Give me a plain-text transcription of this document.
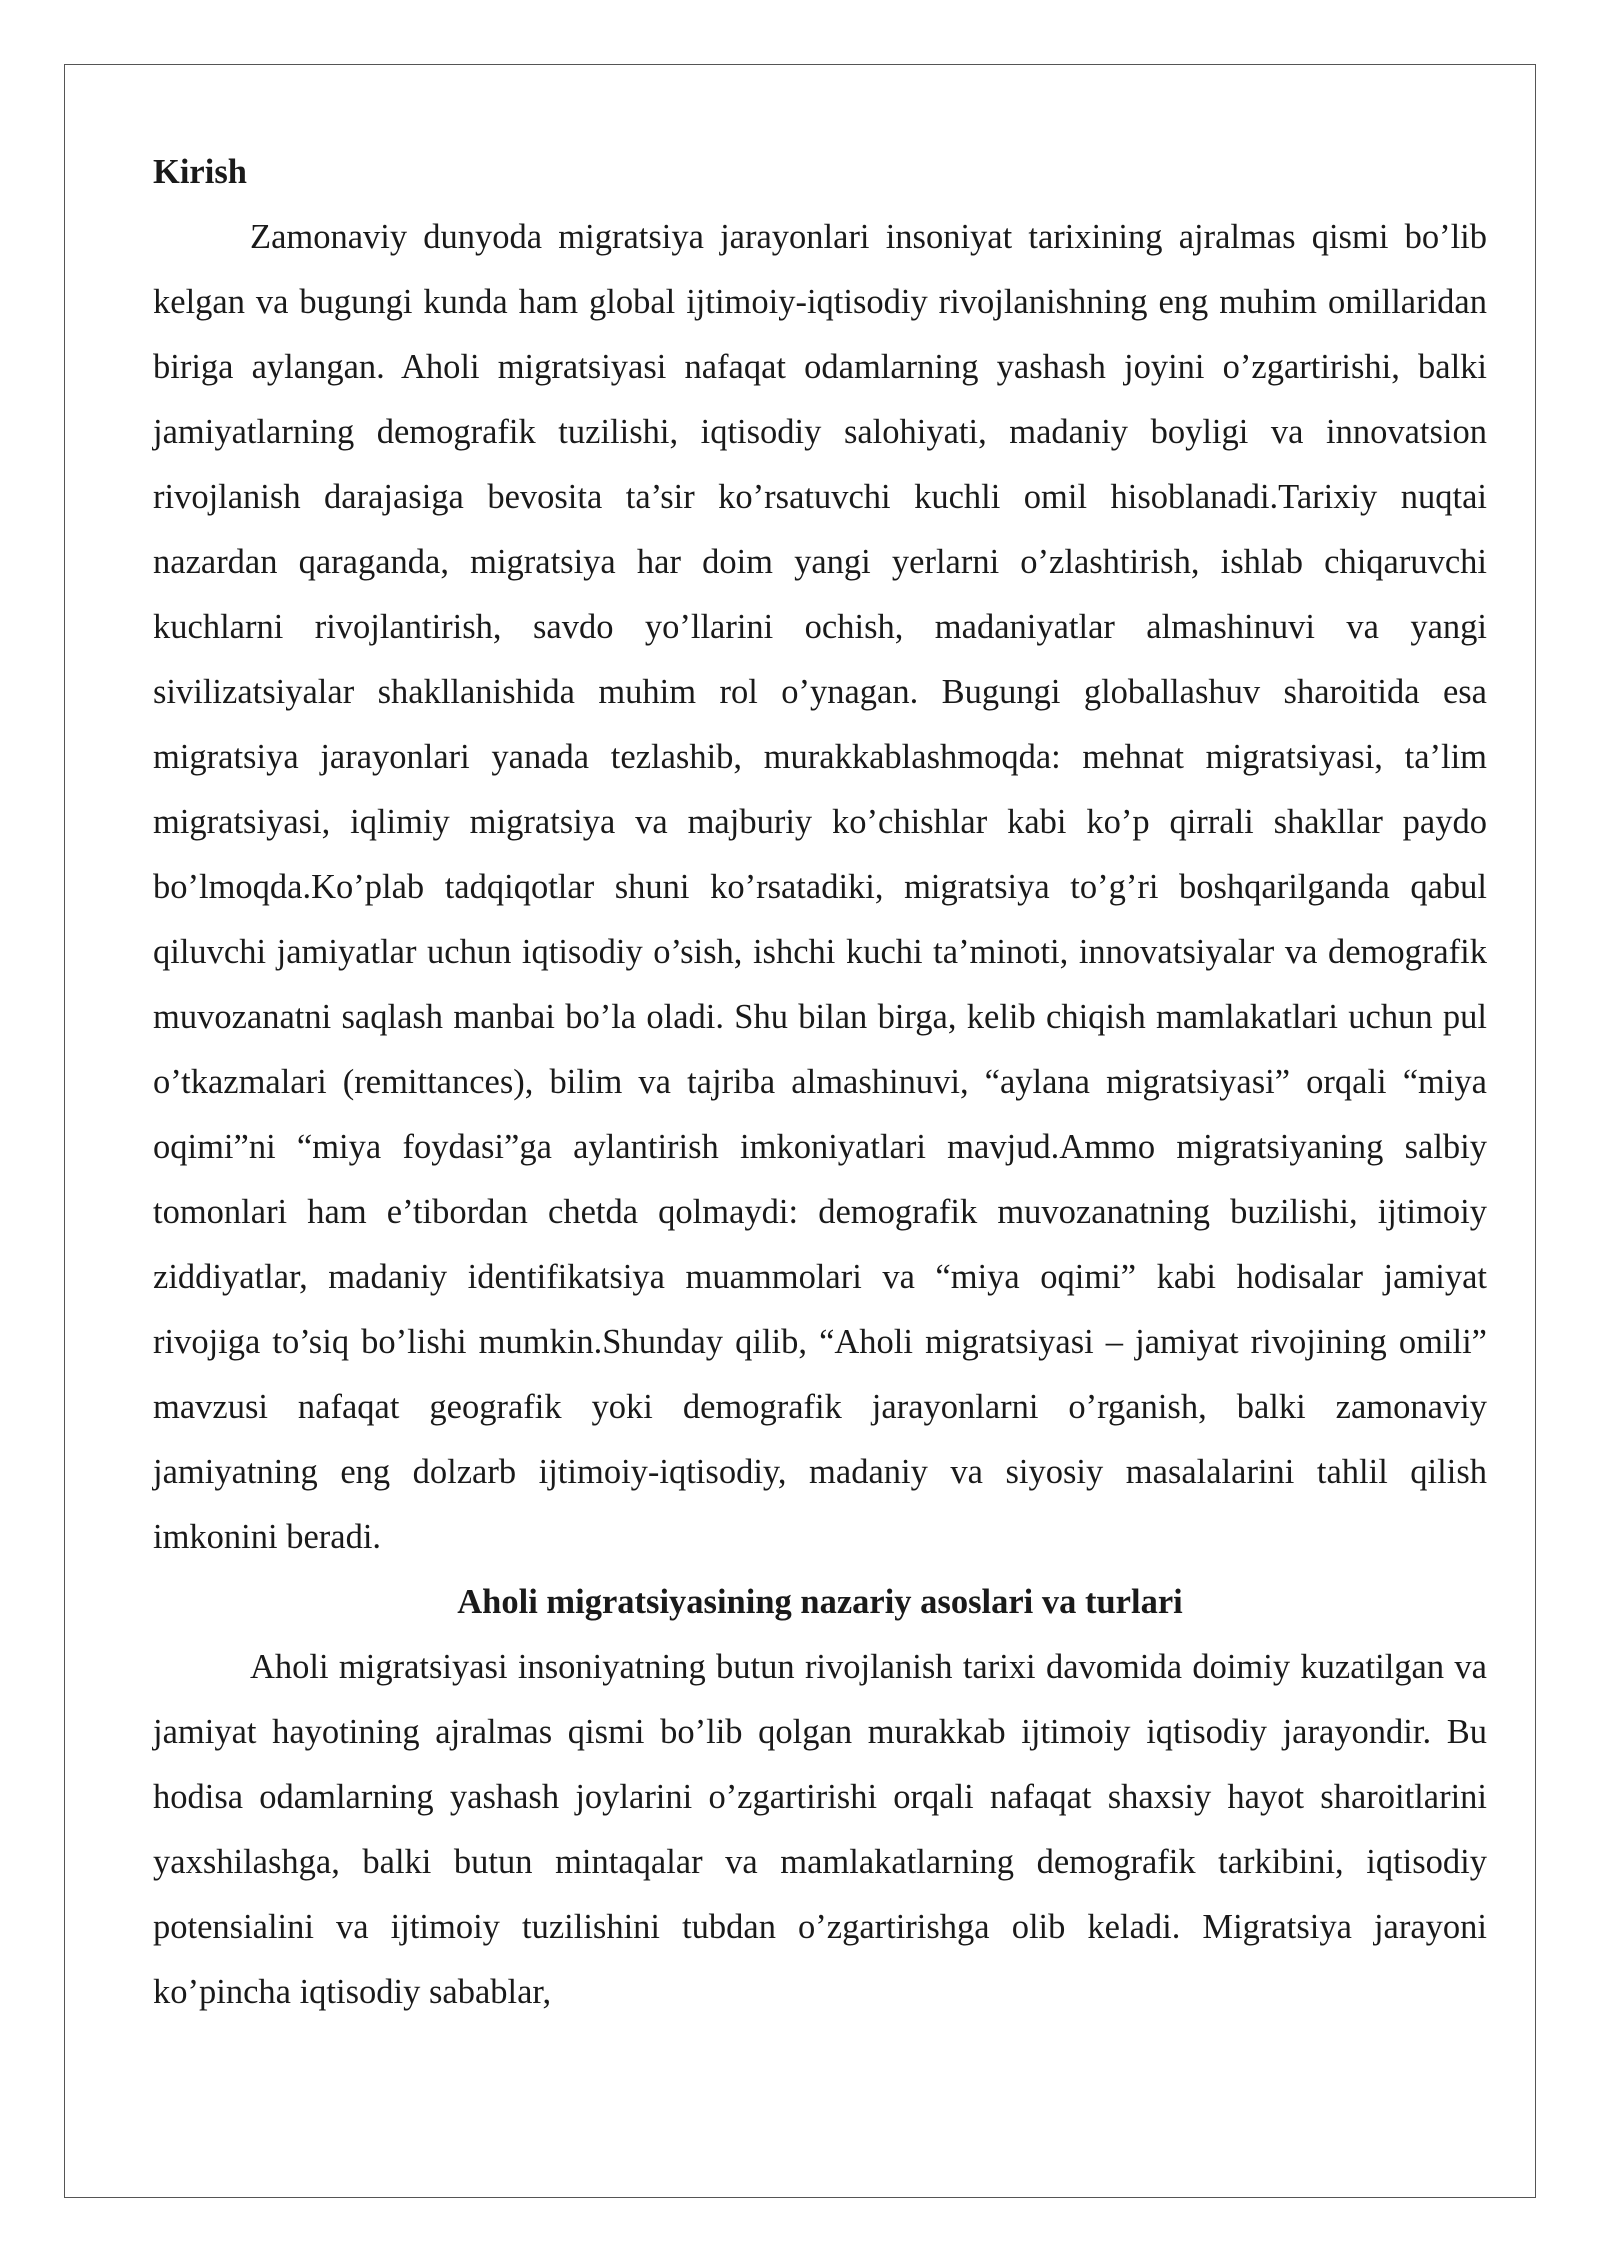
Kirish

Zamonaviy dunyoda migratsiya jarayonlari insoniyat tarixining ajralmas qismi bo’lib kelgan va bugungi kunda ham global ijtimoiy-iqtisodiy rivojlanishning eng muhim omillaridan biriga aylangan. Aholi migratsiyasi nafaqat odamlarning yashash joyini o’zgartirishi, balki jamiyatlarning demografik tuzilishi, iqtisodiy salohiyati, madaniy boyligi va innovatsion rivojlanish darajasiga bevosita ta’sir ko’rsatuvchi kuchli omil hisoblanadi.Tarixiy nuqtai nazardan qaraganda, migratsiya har doim yangi yerlarni o’zlashtirish, ishlab chiqaruvchi kuchlarni rivojlantirish, savdo yo’llarini ochish, madaniyatlar almashinuvi va yangi sivilizatsiyalar shakllanishida muhim rol o’ynagan. Bugungi globallashuv sharoitida esa migratsiya jarayonlari yanada tezlashib, murakkablashmoqda: mehnat migratsiyasi, ta’lim migratsiyasi, iqlimiy migratsiya va majburiy ko’chishlar kabi ko’p qirrali shakllar paydo bo’lmoqda.Ko’plab tadqiqotlar shuni ko’rsatadiki, migratsiya to’g’ri boshqarilganda qabul qiluvchi jamiyatlar uchun iqtisodiy o’sish, ishchi kuchi ta’minoti, innovatsiyalar va demografik muvozanatni saqlash manbai bo’la oladi. Shu bilan birga, kelib chiqish mamlakatlari uchun pul o’tkazmalari (remittances), bilim va tajriba almashinuvi, “aylana migratsiyasi” orqali “miya oqimi”ni “miya foydasi”ga aylantirish imkoniyatlari mavjud.Ammo migratsiyaning salbiy tomonlari ham e’tibordan chetda qolmaydi: demografik muvozanatning buzilishi, ijtimoiy ziddiyatlar, madaniy identifikatsiya muammolari va “miya oqimi” kabi hodisalar jamiyat rivojiga to’siq bo’lishi mumkin.Shunday qilib, “Aholi migratsiyasi – jamiyat rivojining omili” mavzusi nafaqat geografik yoki demografik jarayonlarni o’rganish, balki zamonaviy jamiyatning eng dolzarb ijtimoiy-iqtisodiy, madaniy va siyosiy masalalarini tahlil qilish imkonini beradi.

Aholi migratsiyasining nazariy asoslari va turlari

Aholi migratsiyasi insoniyatning butun rivojlanish tarixi davomida doimiy kuzatilgan va jamiyat hayotining ajralmas qismi bo’lib qolgan murakkab ijtimoiy iqtisodiy jarayondir. Bu hodisa odamlarning yashash joylarini o’zgartirishi orqali nafaqat shaxsiy hayot sharoitlarini yaxshilashga, balki butun mintaqalar va mamlakatlarning demografik tarkibini, iqtisodiy potensialini va ijtimoiy tuzilishini tubdan o’zgartirishga olib keladi. Migratsiya jarayoni ko’pincha iqtisodiy sabablar,
